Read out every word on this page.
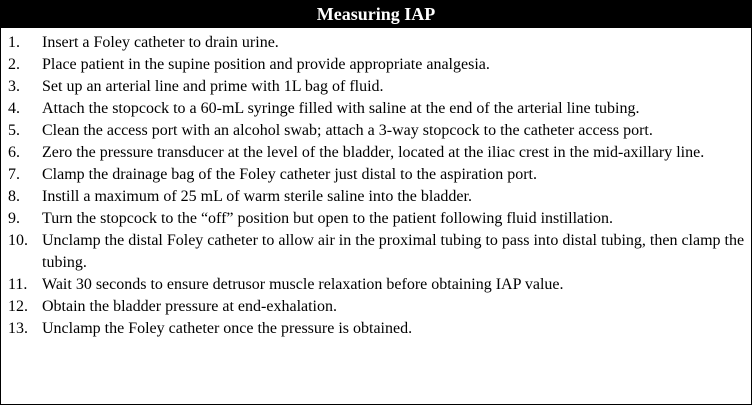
Measuring IAP
1.	Insert a Foley catheter to drain urine.
2.	Place patient in the supine position and provide appropriate analgesia.
3.	Set up an arterial line and prime with 1L bag of fluid.
4.	Attach the stopcock to a 60-mL syringe filled with saline at the end of the arterial line tubing.
5.	Clean the access port with an alcohol swab; attach a 3-way stopcock to the catheter access port.
6.	Zero the pressure transducer at the level of the bladder, located at the iliac crest in the mid-axillary line.
7.	Clamp the drainage bag of the Foley catheter just distal to the aspiration port.
8.	Instill a maximum of 25 mL of warm sterile saline into the bladder.
9.	Turn the stopcock to the “off” position but open to the patient following fluid instillation.
10. Unclamp the distal Foley catheter to allow air in the proximal tubing to pass into distal tubing, then clamp the tubing.
11. Wait 30 seconds to ensure detrusor muscle relaxation before obtaining IAP value.
12. Obtain the bladder pressure at end-exhalation.
13. Unclamp the Foley catheter once the pressure is obtained.
